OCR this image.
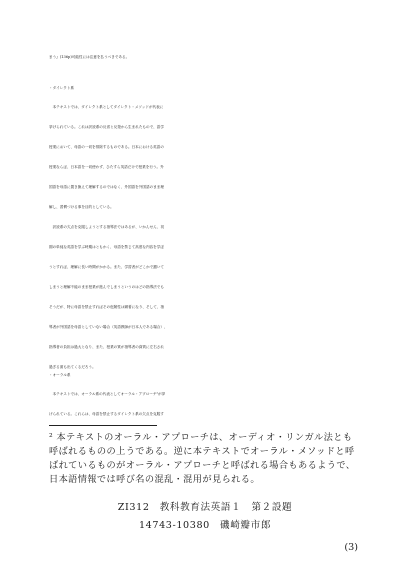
まう』(136p)可能性には注意を払うべきである。
・ダイレクト系
　本テキストでは、ダイレクト系としてダイレクト・メソッドが代表に
挙げられている。これは訳読系の反省と反発から生まれたもので、語学
授業において、母語の一切を排除するものである。日本における英語の
授業ならば、日本語を一切使わず、ひたすら英語だけで授業を行う。外
国語を母語に置き換えて理解するのではなく、外国語を外国語のまま理
解し、習慣づける事を目的としている。
　訳読系の欠点を克服しようとする指導法ではあるが、いかんせん、初
期の単純な英語を学ぶ時期はともかく、母語を禁じて高度な内容を学ぼ
うとすれば、理解に長い時間がかかる。また、学習者がどこかで躓いて
しまうと理解不能のまま授業が進んでしまうというのはどの指導法でも
そうだが、特に母語を禁止すればその危険性は顕著になり、そして、指
導者が外国語を母語としていない場合（英語教師が日本人である場合）、
指導者の負担は過大となり、また、授業の質が指導者の資質に左右され
過ぎる面も出てくるだろう。
・オーラル系
　本テキストでは、オーラル系の代表としてオーラル・アプローチ²が挙
げられている。これらは、母語を禁止するダイレクト系の欠点を克服す
² 本テキストのオーラル・アプローチは、オーディオ・リンガル法とも
呼ばれるものの上うである。逆に本テキストでオーラル・メソッドと呼
ばれているものがオーラル・アプローチと呼ばれる場合もあるようで、
日本語情報では呼び名の混乱・混用が見られる。
ZI312　教科教育法英語１　第２設題
14743-10380　磯崎瓣市郎
(3)
